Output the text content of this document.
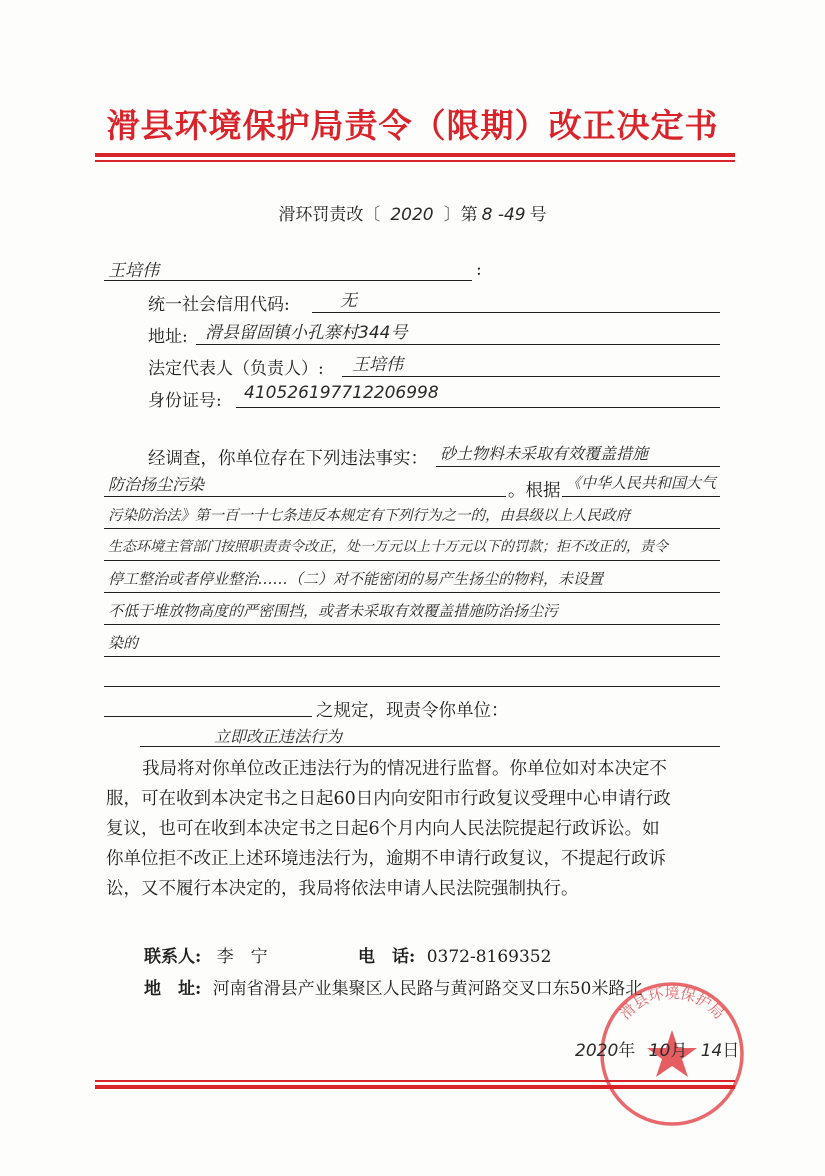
滑县环境保护局责令（限期）改正决定书
滑环罚责改〔 2020 〕第 8 -49 号
王培伟	:
统一社会信用代码:	无
地址: 滑县留固镇小孔寨村344号
法定代表人（负责人）: 王培伟
身份证号: 410526197712206998
经调查，你单位存在下列违法事实： 砂土物料未采取有效覆盖措施
防治扬尘污染	。根据 《中华人民共和国大气
污染防治法》第一百一十七条违反本规定有下列行为之一的，由县级以上人民政府
生态环境主管部门按照职责责令改正，处一万元以上十万元以下的罚款；拒不改正的，责令
停工整治或者停业整治……（二）对不能密闭的易产生扬尘的物料，未设置
不低于堆放物高度的严密围挡，或者未采取有效覆盖措施防治扬尘污
染的
之规定，现责令你单位：
立即改正违法行为

我局将对你单位改正违法行为的情况进行监督。你单位如对本决定不

服，可在收到本决定书之日起60日内向安阳市行政复议受理中心申请行政

复议，也可在收到本决定书之日起6个月内向人民法院提起行政诉讼。如

你单位拒不改正上述环境违法行为，逾期不申请行政复议，不提起行政诉

讼，又不履行本决定的，我局将依法申请人民法院强制执行。

联系人: 李　宁	电　话: 0372-8169352
地　址: 河南省滑县产业集聚区人民路与黄河路交叉口东50米路北
滑县环境保护局
2020年 10月 14日
